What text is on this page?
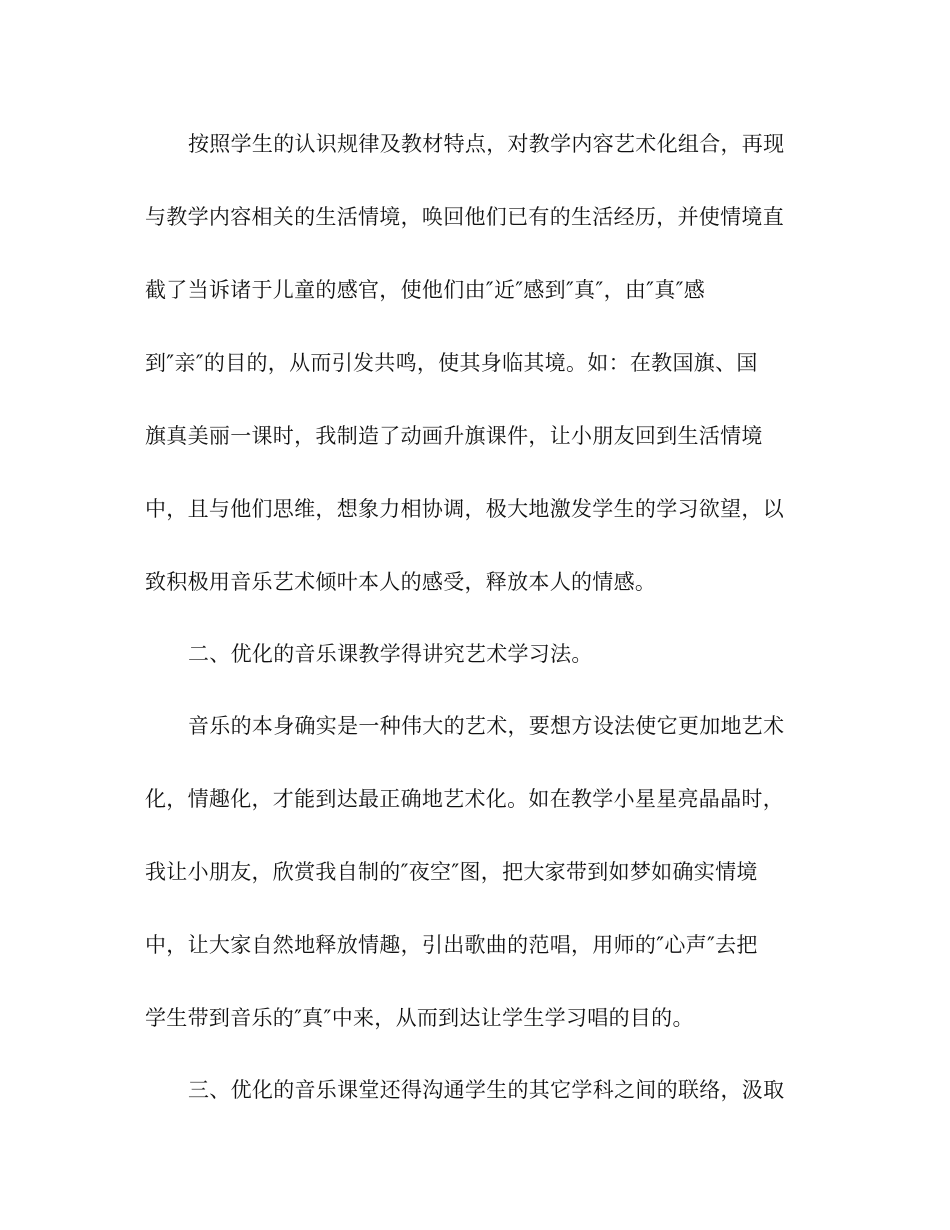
按照学生的认识规律及教材特点，对教学内容艺术化组合，再现
与教学内容相关的生活情境，唤回他们已有的生活经历，并使情境直
截了当诉诸于儿童的感官，使他们由″近″感到″真″，由″真″感
到″亲″的目的，从而引发共鸣，使其身临其境。如：在教国旗、国
旗真美丽一课时，我制造了动画升旗课件，让小朋友回到生活情境
中，且与他们思维，想象力相协调，极大地激发学生的学习欲望，以
致积极用音乐艺术倾叶本人的感受，释放本人的情感。
二、优化的音乐课教学得讲究艺术学习法。
音乐的本身确实是一种伟大的艺术，要想方设法使它更加地艺术
化，情趣化，才能到达最正确地艺术化。如在教学小星星亮晶晶时，
我让小朋友，欣赏我自制的″夜空″图，把大家带到如梦如确实情境
中，让大家自然地释放情趣，引出歌曲的范唱，用师的″心声″去把
学生带到音乐的″真″中来，从而到达让学生学习唱的目的。
三、优化的音乐课堂还得沟通学生的其它学科之间的联络，汲取
